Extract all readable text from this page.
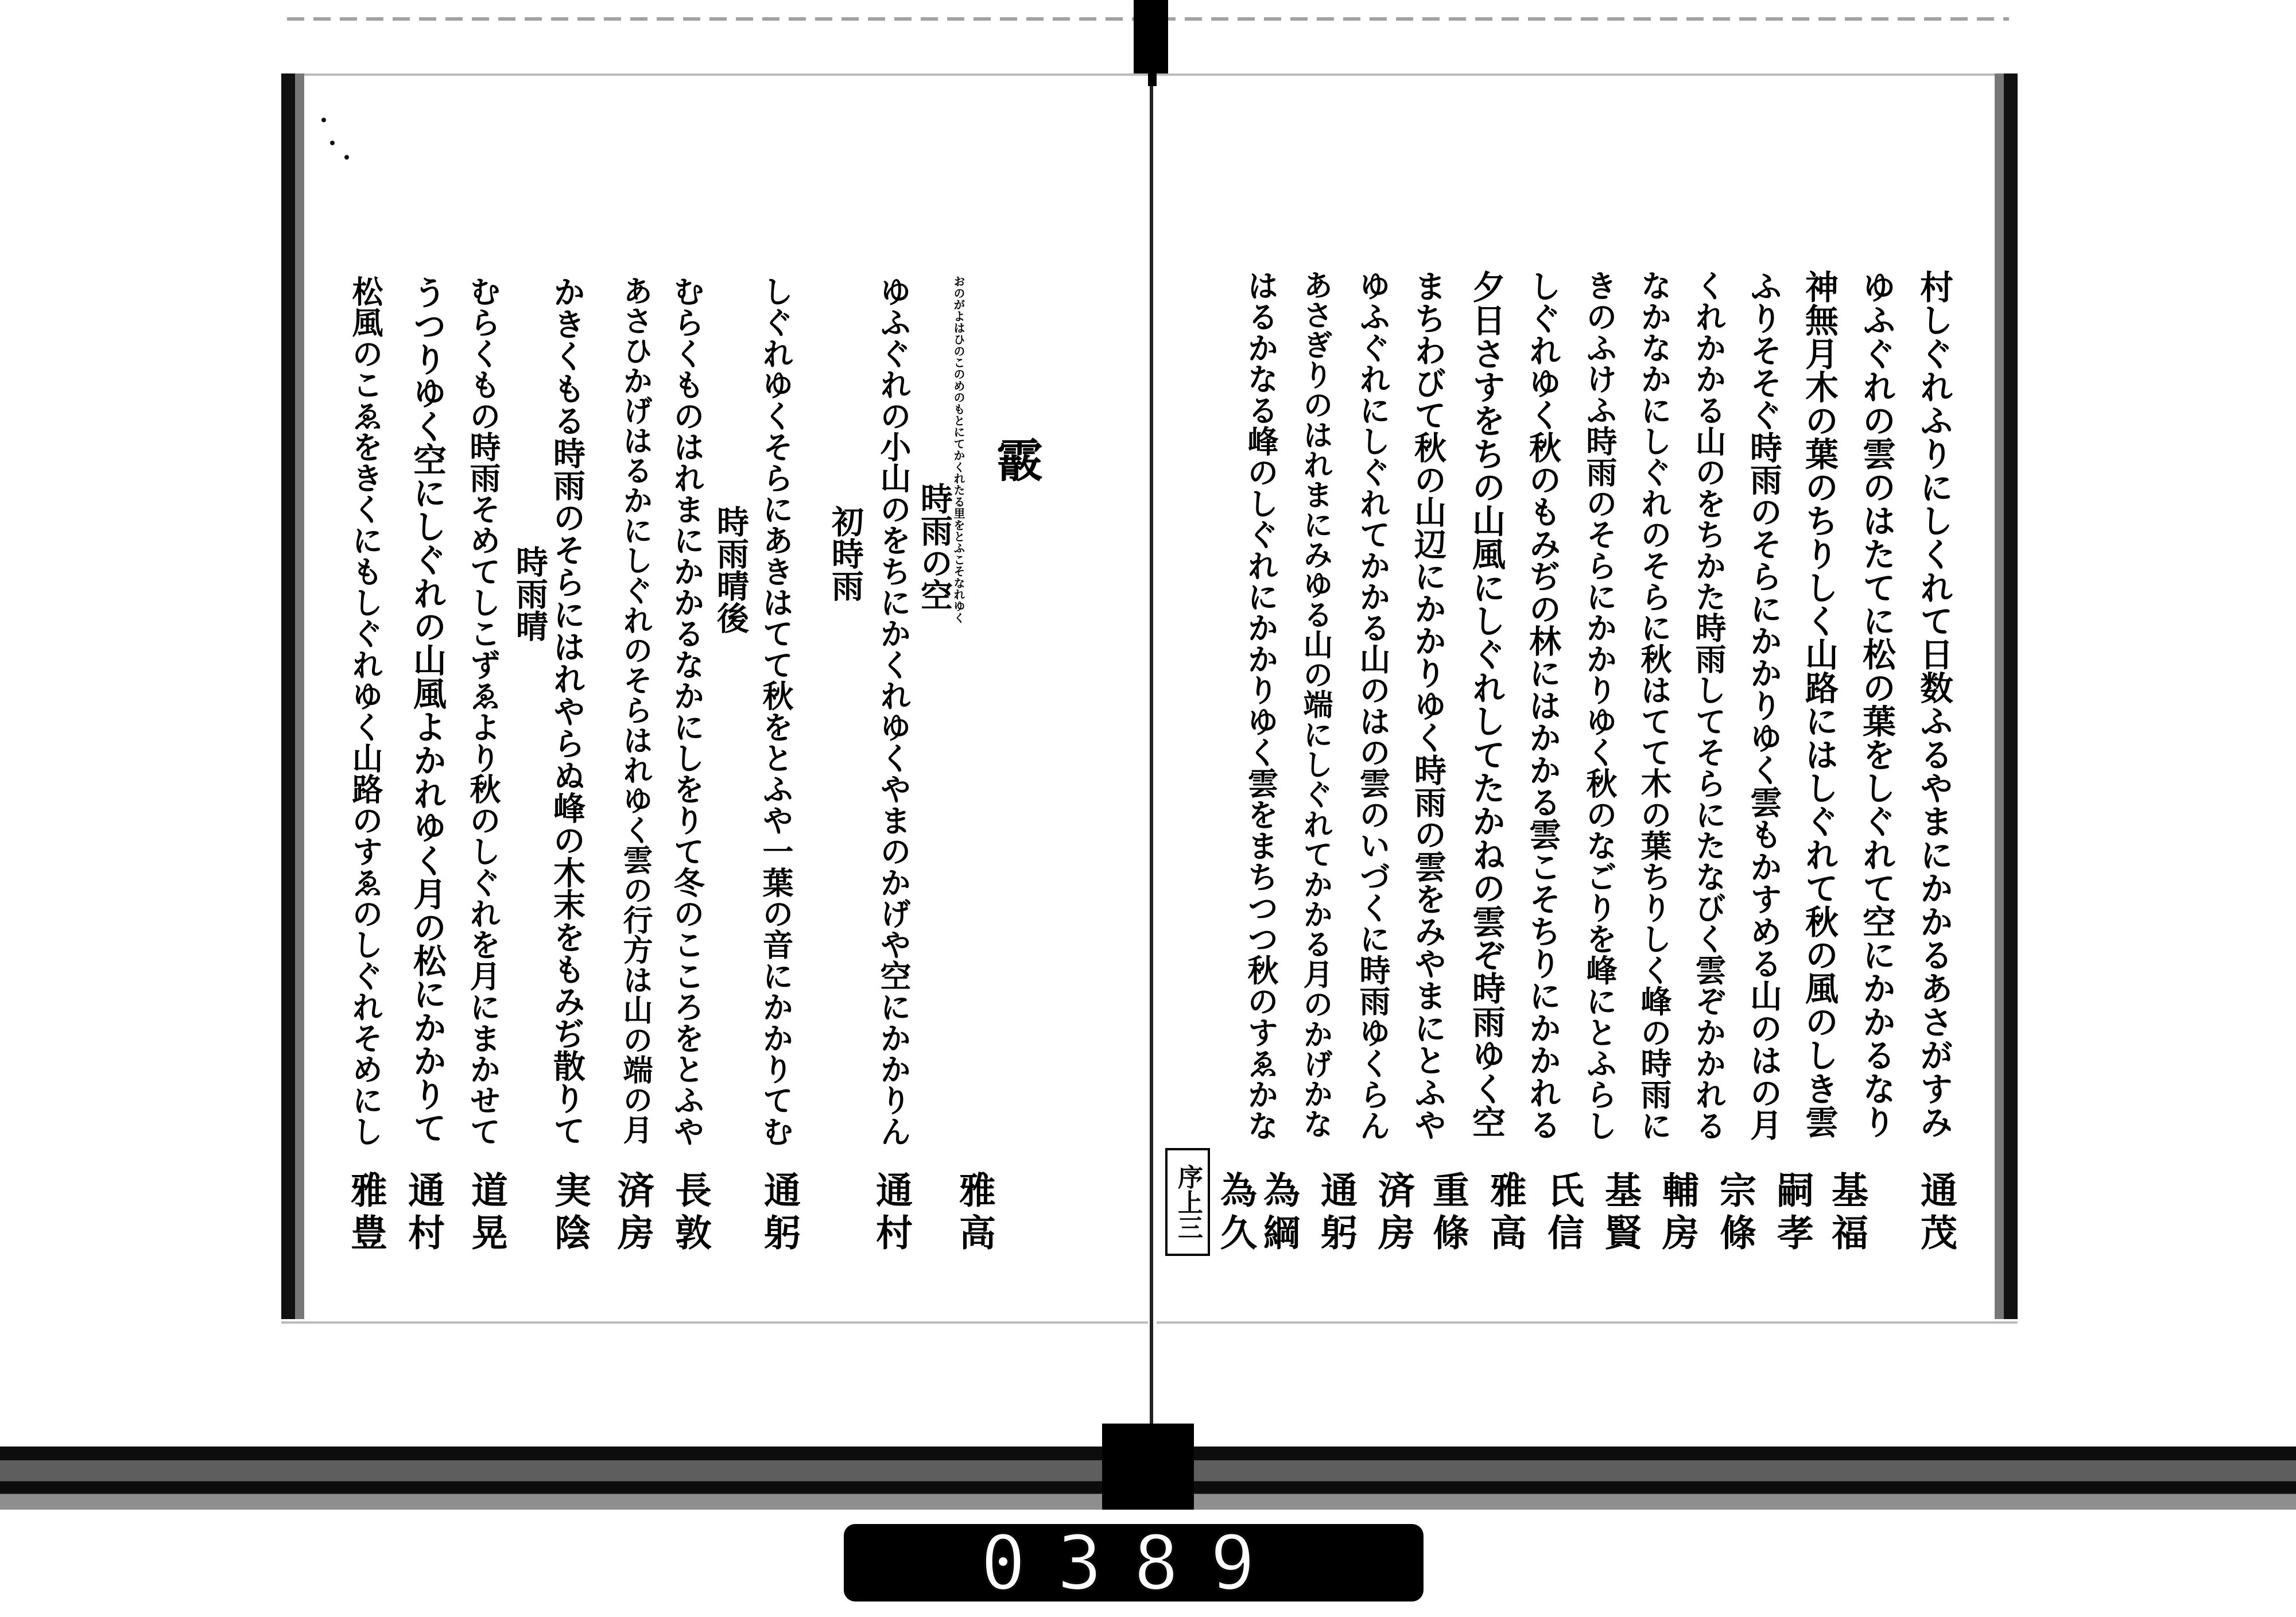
霰
おのがよはひのこのめのもとにてかくれたる里をとふこそなれゆく
雅高
時雨の空
ゆふぐれの小山のをちにかくれゆくやまのかげや空にかかりん
通村
初時雨
しぐれゆくそらにあきはてて秋をとふや一葉の音にかかりてむ
通躬
時雨晴後
むらくものはれまにかかるなかにしをりて冬のこころをとふや
長敦
あさひかげはるかにしぐれのそらはれゆく雲の行方は山の端の月
済房
時雨晴 かきくもる時雨のそらにはれやらぬ峰の木末をもみぢ散りて
実陰
むらくもの時雨そめてしこずゑより秋のしぐれを月にまかせて
道晃
うつりゆく空にしぐれの山風よかれゆく月の松にかかりて
通村
松風のこゑをきくにもしぐれゆく山路のすゑのしぐれそめにし
雅豊
村しぐれふりにしくれて日数ふるやまにかかるあさがすみ
通茂
ゆふぐれの雲のはたてに松の葉をしぐれて空にかかるなり
基福
神無月木の葉のちりしく山路にはしぐれて秋の風のしき雲
嗣孝
ふりそそぐ時雨のそらにかかりゆく雲もかすめる山のはの月
宗條
くれかかる山のをちかた時雨してそらにたなびく雲ぞかかれる
輔房
なかなかにしぐれのそらに秋はてて木の葉ちりしく峰の時雨に
基賢
きのふけふ時雨のそらにかかりゆく秋のなごりを峰にとふらし
氏信
しぐれゆく秋のもみぢの林にはかかる雲こそちりにかかれる
雅高
夕日さすをちの山風にしぐれしてたかねの雲ぞ時雨ゆく空
重條
まちわびて秋の山辺にかかりゆく時雨の雲をみやまにとふや
済房
ゆふぐれにしぐれてかかる山のはの雲のいづくに時雨ゆくらん
通躬
あさぎりのはれまにみゆる山の端にしぐれてかかる月のかげかな
為綱
はるかなる峰のしぐれにかかりゆく雲をまちつつ秋のすゑかな
為久
序上三
0389
